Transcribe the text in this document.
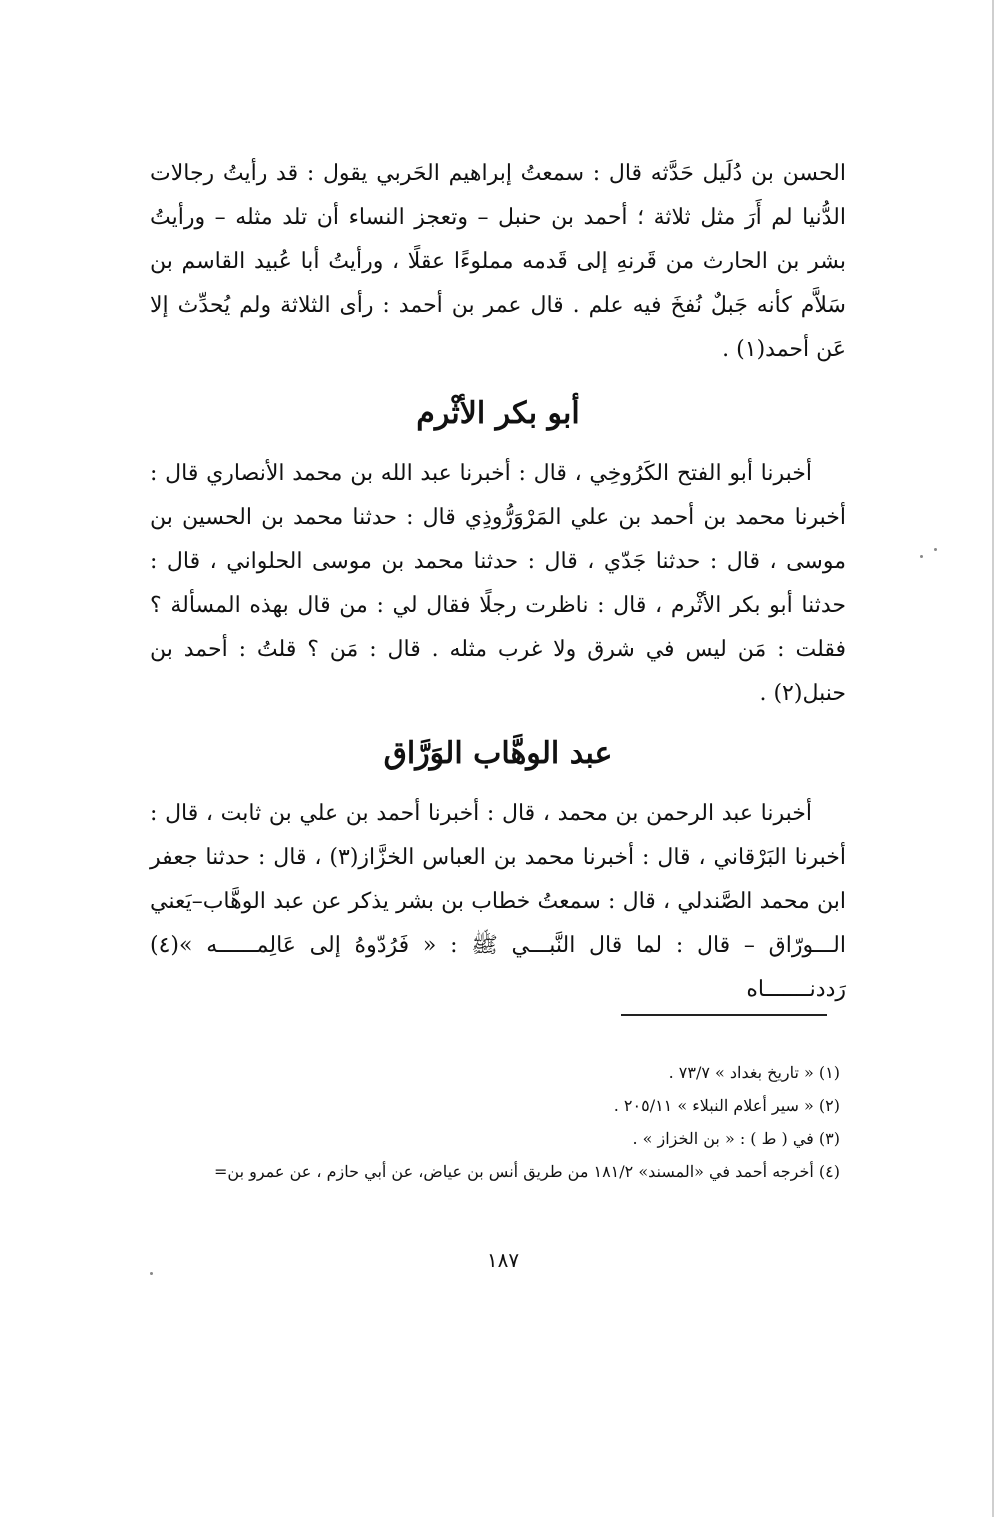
الحسن بن دُلَيل حَدَّثه قال : سمعتُ إبراهيم الحَربي يقول : قد رأيتُ رجالات الدُّنيا لم أَرَ مثل ثلاثة ؛ أحمد بن حنبل – وتعجز النساء أن تلد مثله – ورأيتُ بشر بن الحارث من قَرنهِ إلى قَدمه مملوءًا عقلًا ، ورأيتُ أبا عُبيد القاسم بن سَلاَّم كأنه جَبلٌ نُفخَ فيه علم . قال عمر بن أحمد : رأى الثلاثة ولم يُحدِّث إلا عَن أحمد(١) .

أبو بكر الأثْرم

أخبرنا أبو الفتح الكَرُوخِي ، قال : أخبرنا عبد الله بن محمد الأنصاري قال : أخبرنا محمد بن أحمد بن علي المَرْوَرُّوذِي قال : حدثنا محمد بن الحسين بن موسى ، قال : حدثنا جَدّي ، قال : حدثنا محمد بن موسى الحلواني ، قال : حدثنا أبو بكر الأثْرم ، قال : ناظرت رجلًا فقال لي : من قال بهذه المسألة ؟ فقلت : مَن ليس في شرق ولا غرب مثله . قال : مَن ؟ قلتُ : أحمد بن حنبل(٢) .

عبد الوهَّاب الوَرَّاق

أخبرنا عبد الرحمن بن محمد ، قال : أخبرنا أحمد بن علي بن ثابت ، قال : أخبرنا البَرْقاني ، قال : أخبرنا محمد بن العباس الخزَّاز(٣) ، قال : حدثنا جعفر ابن محمد الصَّندلي ، قال : سمعتُ خطاب بن بشر يذكر عن عبد الوهَّاب–يَعني الـــورّاق – قال : لما قال النَّبـــي ﷺ : « فَرُدّوهُ إلى عَالِمــــــه »(٤) رَددنـــــــاه

(١) « تاريخ بغداد » ٧٣/٧ .
(٢) « سير أعلام النبلاء » ٢٠٥/١١ .
(٣) في ( ط ) : « بن الخزاز » .
(٤) أخرجه أحمد في «المسند» ١٨١/٢ من طريق أنس بن عياض، عن أبي حازم ، عن عمرو بن=
١٨٧
